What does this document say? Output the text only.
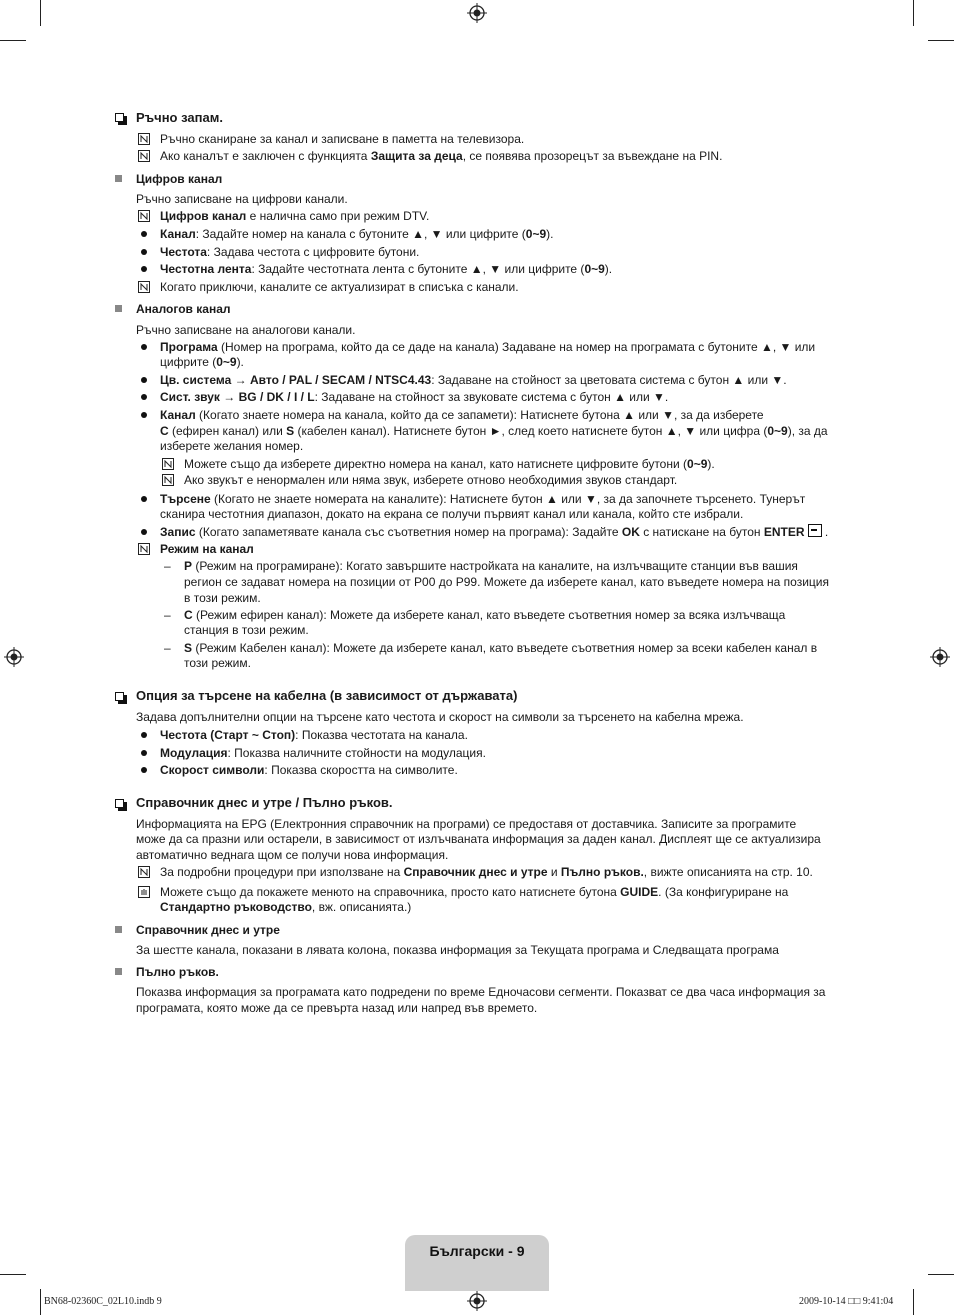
Ръчно запам.
Ръчно сканиране за канал и записване в паметта на телевизора.
Ако каналът е заключен с функцията Защита за деца, се появява прозорецът за въвеждане на PIN.
Цифров канал
Ръчно записване на цифрови канали.
Цифров канал е налична само при режим DTV.
Канал: Задайте номер на канала с бутоните ▲, ▼ или цифрите (0~9).
Честота: Задава честота с цифровите бутони.
Честотна лента: Задайте честотната лента с бутоните ▲, ▼ или цифрите (0~9).
Когато приключи, каналите се актуализират в списъка с канали.
Аналогов канал
Ръчно записване на аналогови канали.
Програма (Номер на програма, който да се даде на канала) Задаване на номер на програмата с бутоните ▲, ▼ или
цифрите (0~9).
Цв. система → Авто / PAL / SECAM / NTSC4.43: Задаване на стойност за цветовата система с бутон ▲ или ▼.
Сист. звук → BG / DK / I / L: Задаване на стойност за звуковате система с бутон ▲ или ▼.
Канал (Когато знаете номера на канала, който да се запамети): Натиснете бутона ▲ или ▼, за да изберете
C (ефирен канал) или S (кабелен канал). Натиснете бутон ►, след което натиснете бутон ▲, ▼ или цифра (0~9), за да
изберете желания номер.
Можете също да изберете директно номера на канал, като натиснете цифровите бутони (0~9).
Ако звукът е ненормален или няма звук, изберете отново необходимия звуков стандарт.
Търсене (Когато не знаете номерата на каналите): Натиснете бутон ▲ или ▼, за да започнете търсенето. Тунерът
сканира честотния диапазон, докато на екрана се получи първият канал или канала, който сте избрали.
Запис (Когато запаметявате канала със съответния номер на програма): Задайте OK с натискане на бутон ENTER
.
Режим на канал
– P (Режим на програмиране): Когато завършите настройката на каналите, на излъчващите станции във вашия
регион се задават номера на позиции от P00 до P99. Можете да изберете канал, като въведете номера на позиция
в този режим.
– C (Режим ефирен канал): Можете да изберете канал, като въведете съответния номер за всяка излъчваща
станция в този режим.
– S (Режим Кабелен канал): Можете да изберете канал, като въведете съответния номер за всеки кабелен канал в
този режим.
Опция за търсене на кабелна (в зависимост от държавата)
Задава допълнителни опции на търсене като честота и скорост на символи за търсенето на кабелна мрежа.
Честота (Старт ~ Стоп): Показва честотата на канала.
Модулация: Показва наличните стойности на модулация.
Скорост символи: Показва скоростта на символите.
Справочник днес и утре / Пълно ръков.
Информацията на EPG (Електронния справочник на програми) се предоставя от доставчика. Записите за програмите
може да са празни или остарели, в зависимост от излъчваната информация за даден канал. Дисплеят ще се актуализира
автоматично веднага щом се получи нова информация.
За подробни процедури при използване на Справочник днес и утре и Пълно ръков., вижте описанията на стр. 10.
Можете също да покажете менюто на справочника, просто като натиснете бутона GUIDE. (За конфигуриране на
Стандартно ръководство, вж. описанията.)
Справочник днес и утре
За шестте канала, показани в лявата колона, показва информация за Текущата програма и Следващата програма
Пълно ръков.
Показва информация за програмата като подредени по време Едночасови сегменти. Показват се два часа информация за
програмата, която може да се превърта назад или напред във времето.
Български - 9
BN68-02360C_02L10.indb 9	2009-10-14 □□ 9:41:04
